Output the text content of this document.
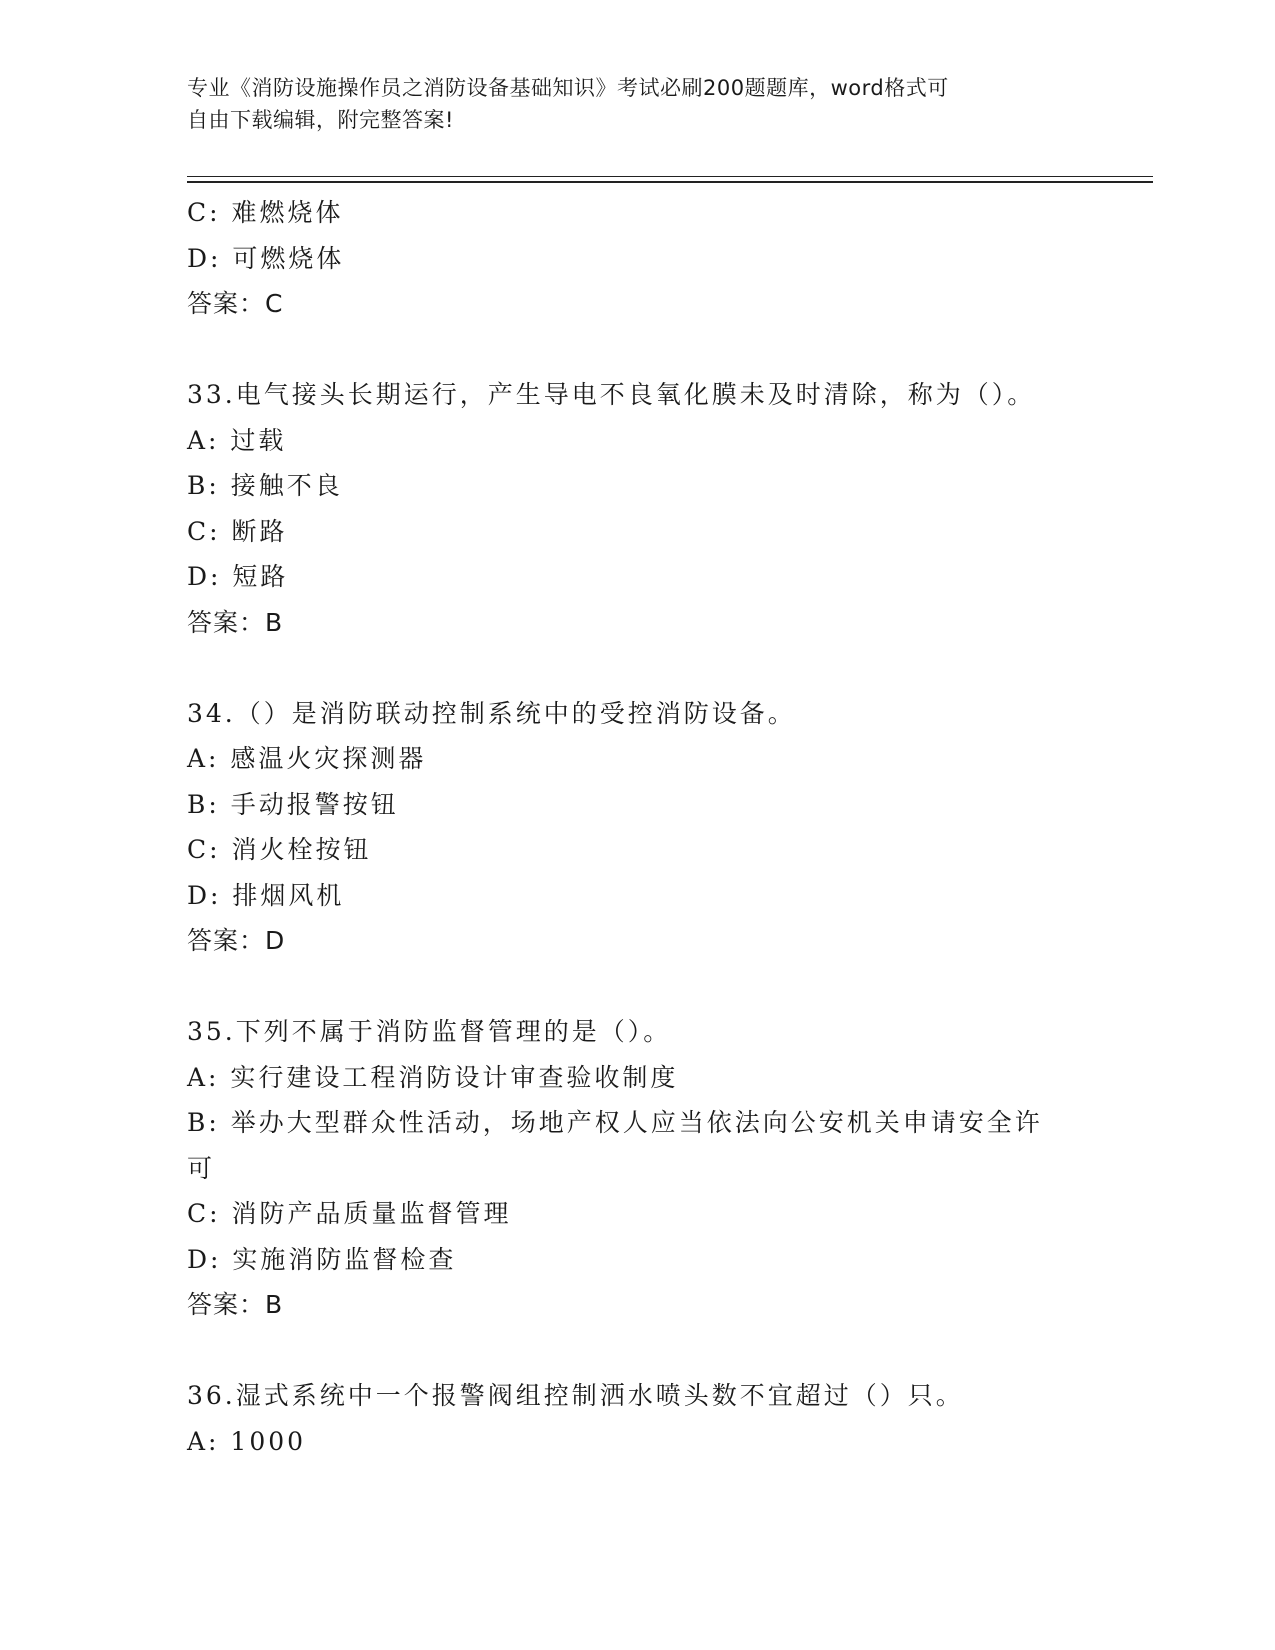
专业《消防设施操作员之消防设备基础知识》考试必刷200题题库，word格式可
自由下载编辑，附完整答案!
C: 难燃烧体
D: 可燃烧体
答案：C
33.电气接头长期运行，产生导电不良氧化膜未及时清除，称为（）。
A: 过载
B: 接触不良
C: 断路
D: 短路
答案：B
34.（）是消防联动控制系统中的受控消防设备。
A: 感温火灾探测器
B: 手动报警按钮
C: 消火栓按钮
D: 排烟风机
答案：D
35.下列不属于消防监督管理的是（）。
A: 实行建设工程消防设计审查验收制度
B: 举办大型群众性活动，场地产权人应当依法向公安机关申请安全许可
C: 消防产品质量监督管理
D: 实施消防监督检查
答案：B
36.湿式系统中一个报警阀组控制洒水喷头数不宜超过（）只。
A: 1000
